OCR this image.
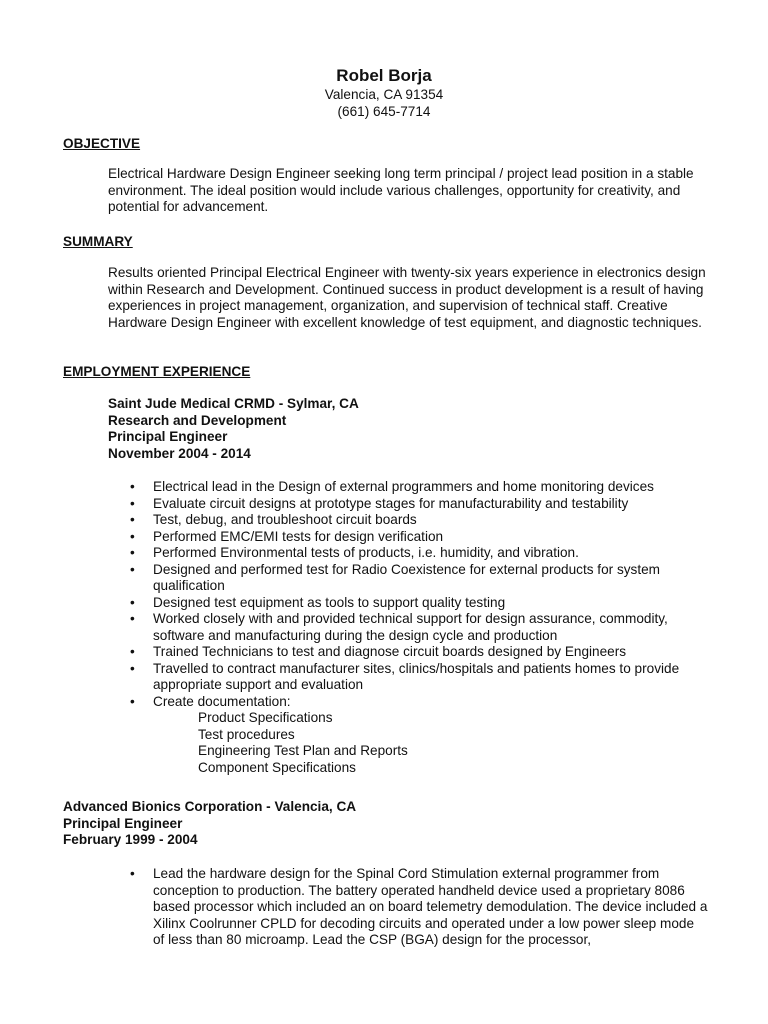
Robel Borja
Valencia, CA 91354
(661) 645-7714
OBJECTIVE
Electrical Hardware Design Engineer seeking long term principal / project lead position in a stable environment. The ideal position would include various challenges, opportunity for creativity, and potential for advancement.
SUMMARY
Results oriented Principal Electrical Engineer with twenty-six years experience in electronics design within Research and Development. Continued success in product development is a result of having experiences in project management, organization, and supervision of technical staff. Creative Hardware Design Engineer with excellent knowledge of test equipment, and diagnostic techniques.
EMPLOYMENT EXPERIENCE
Saint Jude Medical CRMD - Sylmar, CA
Research and Development
Principal Engineer
November 2004 - 2014
• Electrical lead in the Design of external programmers and home monitoring devices
• Evaluate circuit designs at prototype stages for manufacturability and testability
• Test, debug, and troubleshoot circuit boards
• Performed EMC/EMI tests for design verification
• Performed Environmental tests of products, i.e. humidity, and vibration.
• Designed and performed test for Radio Coexistence for external products for system qualification
• Designed test equipment as tools to support quality testing
• Worked closely with and provided technical support for design assurance, commodity, software and manufacturing during the design cycle and production
• Trained Technicians to test and diagnose circuit boards designed by Engineers
• Travelled to contract manufacturer sites, clinics/hospitals and patients homes to provide appropriate support and evaluation
• Create documentation:
Product Specifications
Test procedures
Engineering Test Plan and Reports
Component Specifications
Advanced Bionics Corporation - Valencia, CA
Principal Engineer
February 1999 - 2004
• Lead the hardware design for the Spinal Cord Stimulation external programmer from conception to production. The battery operated handheld device used a proprietary 8086 based processor which included an on board telemetry demodulation. The device included a Xilinx Coolrunner CPLD for decoding circuits and operated under a low power sleep mode of less than 80 microamp. Lead the CSP (BGA) design for the processor,
